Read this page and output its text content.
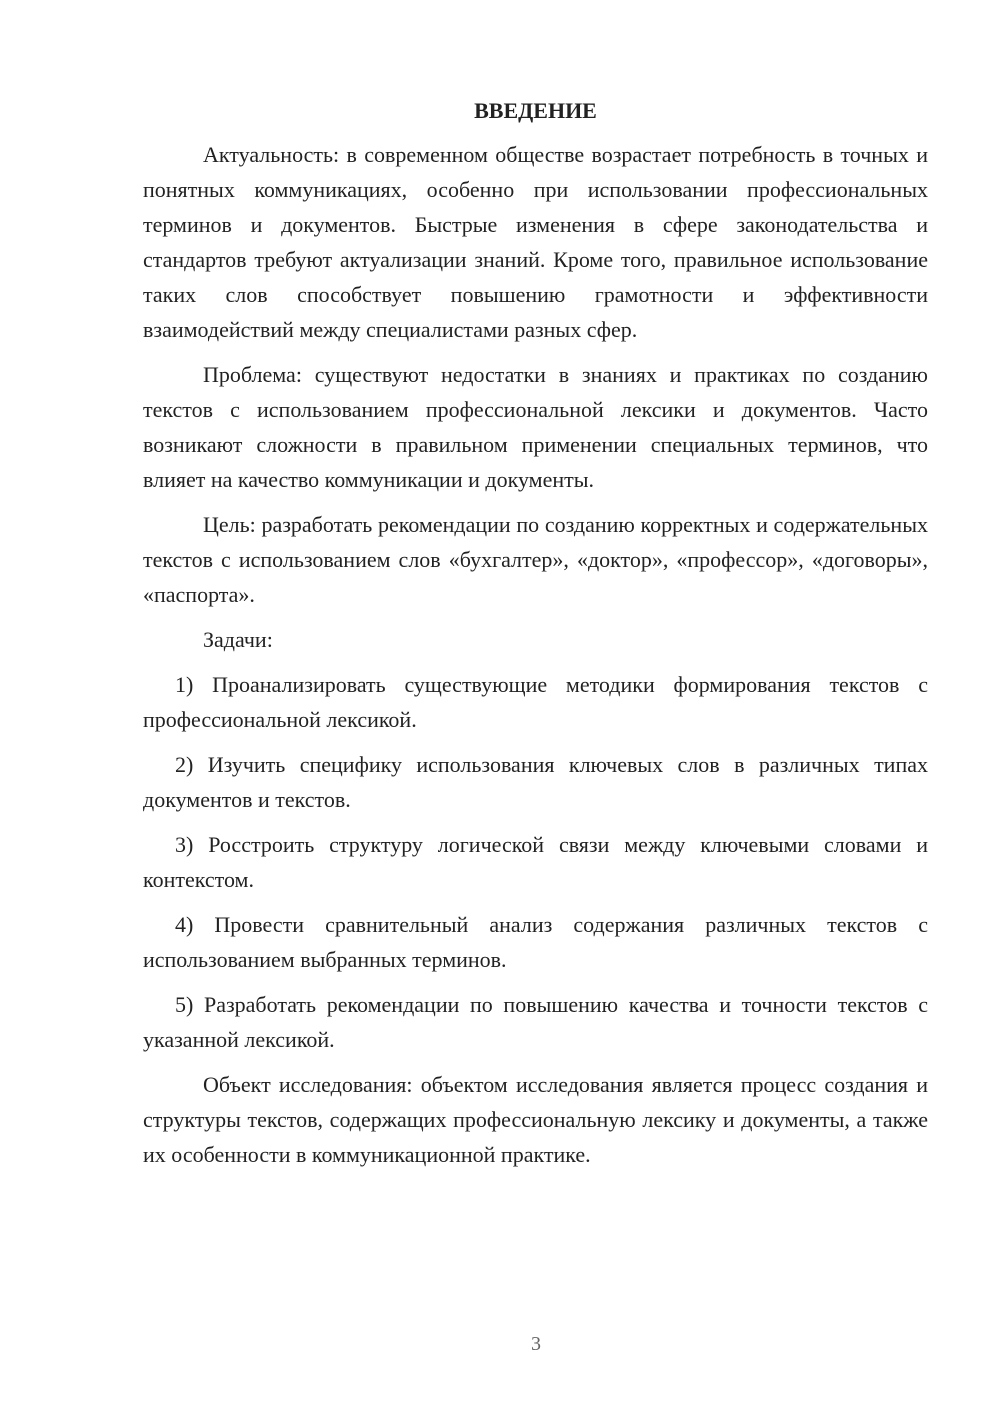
ВВЕДЕНИЕ

Актуальность: в современном обществе возрастает потребность в точных и понятных коммуникациях, особенно при использовании профессиональных терминов и документов. Быстрые изменения в сфере законодательства и стандартов требуют актуализации знаний. Кроме того, правильное использование таких слов способствует повышению грамотности и эффективности взаимодействий между специалистами разных сфер.

Проблема: существуют недостатки в знаниях и практиках по созданию текстов с использованием профессиональной лексики и документов. Часто возникают сложности в правильном применении специальных терминов, что влияет на качество коммуникации и документы.

Цель: разработать рекомендации по созданию корректных и содержательных текстов с использованием слов «бухгалтер», «доктор», «профессор», «договоры», «паспорта».

Задачи:

1) Проанализировать существующие методики формирования текстов с профессиональной лексикой.

2) Изучить специфику использования ключевых слов в различных типах документов и текстов.

3) Росстроить структуру логической связи между ключевыми словами и контекстом.

4) Провести сравнительный анализ содержания различных текстов с использованием выбранных терминов.

5) Разработать рекомендации по повышению качества и точности текстов с указанной лексикой.

Объект исследования: объектом исследования является процесс создания и структуры текстов, содержащих профессиональную лексику и документы, а также их особенности в коммуникационной практике.

3
